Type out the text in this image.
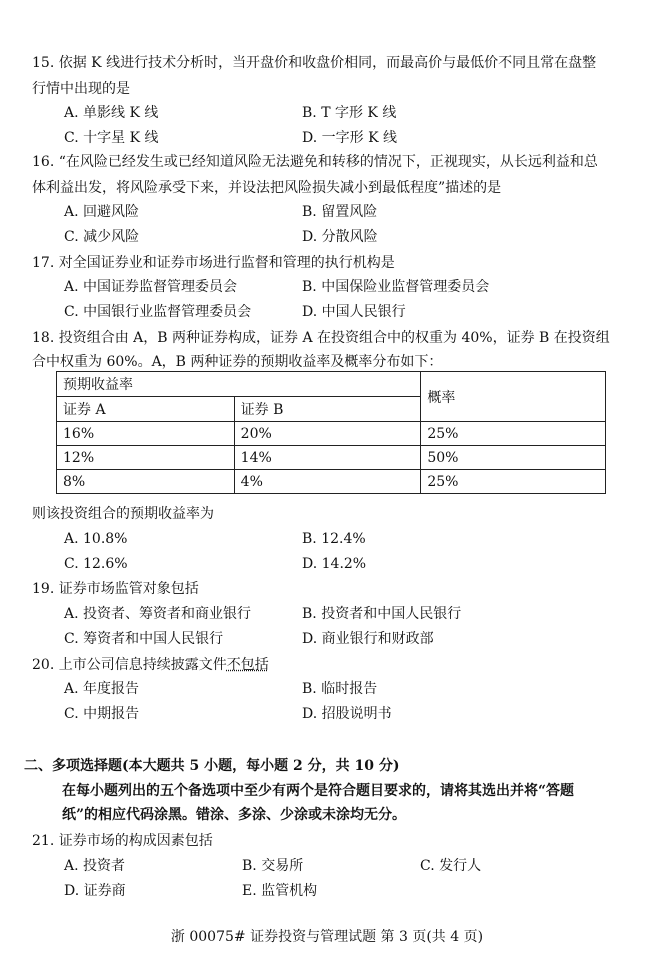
15. 依据 K 线进行技术分析时，当开盘价和收盘价相同，而最高价与最低价不同且常在盘整
行情中出现的是
A. 单影线 K 线	B. T 字形 K 线
C. 十字星 K 线	D. 一字形 K 线
16. “在风险已经发生或已经知道风险无法避免和转移的情况下，正视现实，从长远利益和总
体利益出发，将风险承受下来，并设法把风险损失减小到最低程度”描述的是
A. 回避风险	B. 留置风险
C. 减少风险	D. 分散风险
17. 对全国证券业和证券市场进行监督和管理的执行机构是
A. 中国证券监督管理委员会	B. 中国保险业监督管理委员会
C. 中国银行业监督管理委员会	D. 中国人民银行
18. 投资组合由 A，B 两种证券构成，证券 A 在投资组合中的权重为 40%，证券 B 在投资组
合中权重为 60%。A，B 两种证券的预期收益率及概率分布如下：
预期收益率		概率
证券 A	证券 B	
16%	20%	25%
12%	14%	50%
8%	4%	25%
则该投资组合的预期收益率为
A. 10.8%	B. 12.4%
C. 12.6%	D. 14.2%
19. 证券市场监管对象包括
A. 投资者、筹资者和商业银行	B. 投资者和中国人民银行
C. 筹资者和中国人民银行	D. 商业银行和财政部
20. 上市公司信息持续披露文件不包括
A. 年度报告	B. 临时报告
C. 中期报告	D. 招股说明书
二、多项选择题(本大题共 5 小题，每小题 2 分，共 10 分)
在每小题列出的五个备选项中至少有两个是符合题目要求的，请将其选出并将“答题
纸”的相应代码涂黑。错涂、多涂、少涂或未涂均无分。
21. 证券市场的构成因素包括
A. 投资者	B. 交易所	C. 发行人
D. 证券商	E. 监管机构
浙 00075# 证券投资与管理试题 第 3 页(共 4 页)
